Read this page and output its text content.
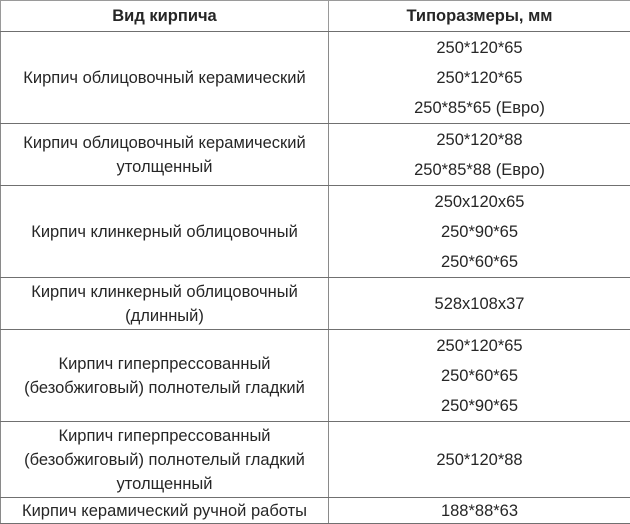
Вид кирпича	Типоразмеры, мм

Кирпич облицовочный керамический	250*120*65
250*120*65
250*85*65 (Евро)

Кирпич облицовочный керамический
утолщенный	250*120*88
250*85*88 (Евро)

Кирпич клинкерный облицовочный	250x120x65
250*90*65
250*60*65

Кирпич клинкерный облицовочный
(длинный)	528x108x37

Кирпич гиперпрессованный
(безобжиговый) полнотелый гладкий	250*120*65
250*60*65
250*90*65

Кирпич гиперпрессованный
(безобжиговый) полнотелый гладкий
утолщенный	250*120*88

Кирпич керамический ручной работы	188*88*63
